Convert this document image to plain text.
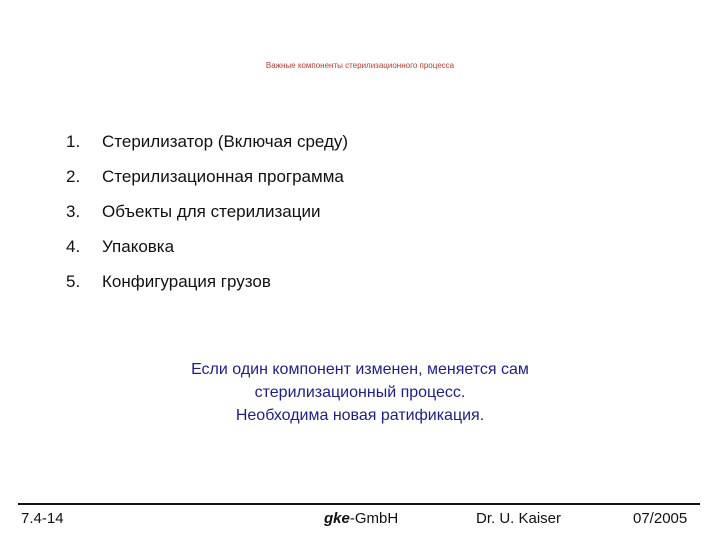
Важные компоненты стерилизационного процесса
1.	Стерилизатор (Включая среду)
2.	Стерилизационная программа
3.	Объекты для стерилизации
4.	Упаковка
5.	Конфигурация грузов
Если один компонент изменен, меняется сам
стерилизационный процесс.
Необходима новая ратификация.
7.4-14	gke-GmbH	Dr. U. Kaiser	07/2005
